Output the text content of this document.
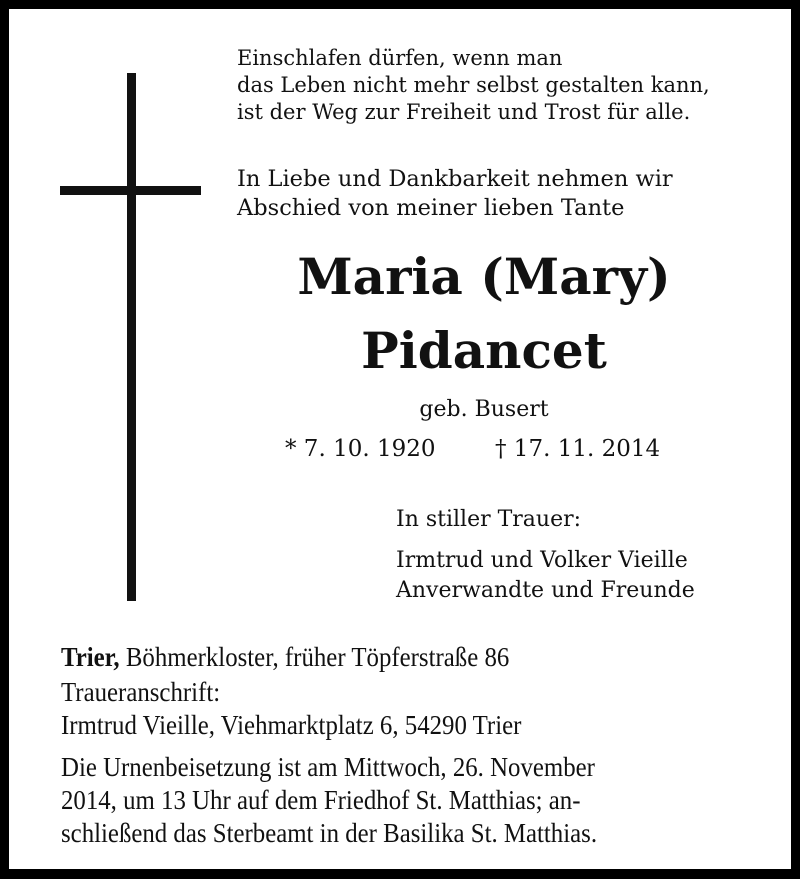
Einschlafen dürfen, wenn man
das Leben nicht mehr selbst gestalten kann,
ist der Weg zur Freiheit und Trost für alle.
In Liebe und Dankbarkeit nehmen wir
Abschied von meiner lieben Tante
Maria (Mary)
Pidancet
geb. Busert
* 7. 10. 1920	† 17. 11. 2014
In stiller Trauer:
Irmtrud und Volker Vieille
Anverwandte und Freunde
Trier, Böhmerkloster, früher Töpferstraße 86
Traueranschrift:
Irmtrud Vieille, Viehmarktplatz 6, 54290 Trier
Die Urnenbeisetzung ist am Mittwoch, 26. November
2014, um 13 Uhr auf dem Friedhof St. Matthias; an-
schließend das Sterbeamt in der Basilika St. Matthias.
